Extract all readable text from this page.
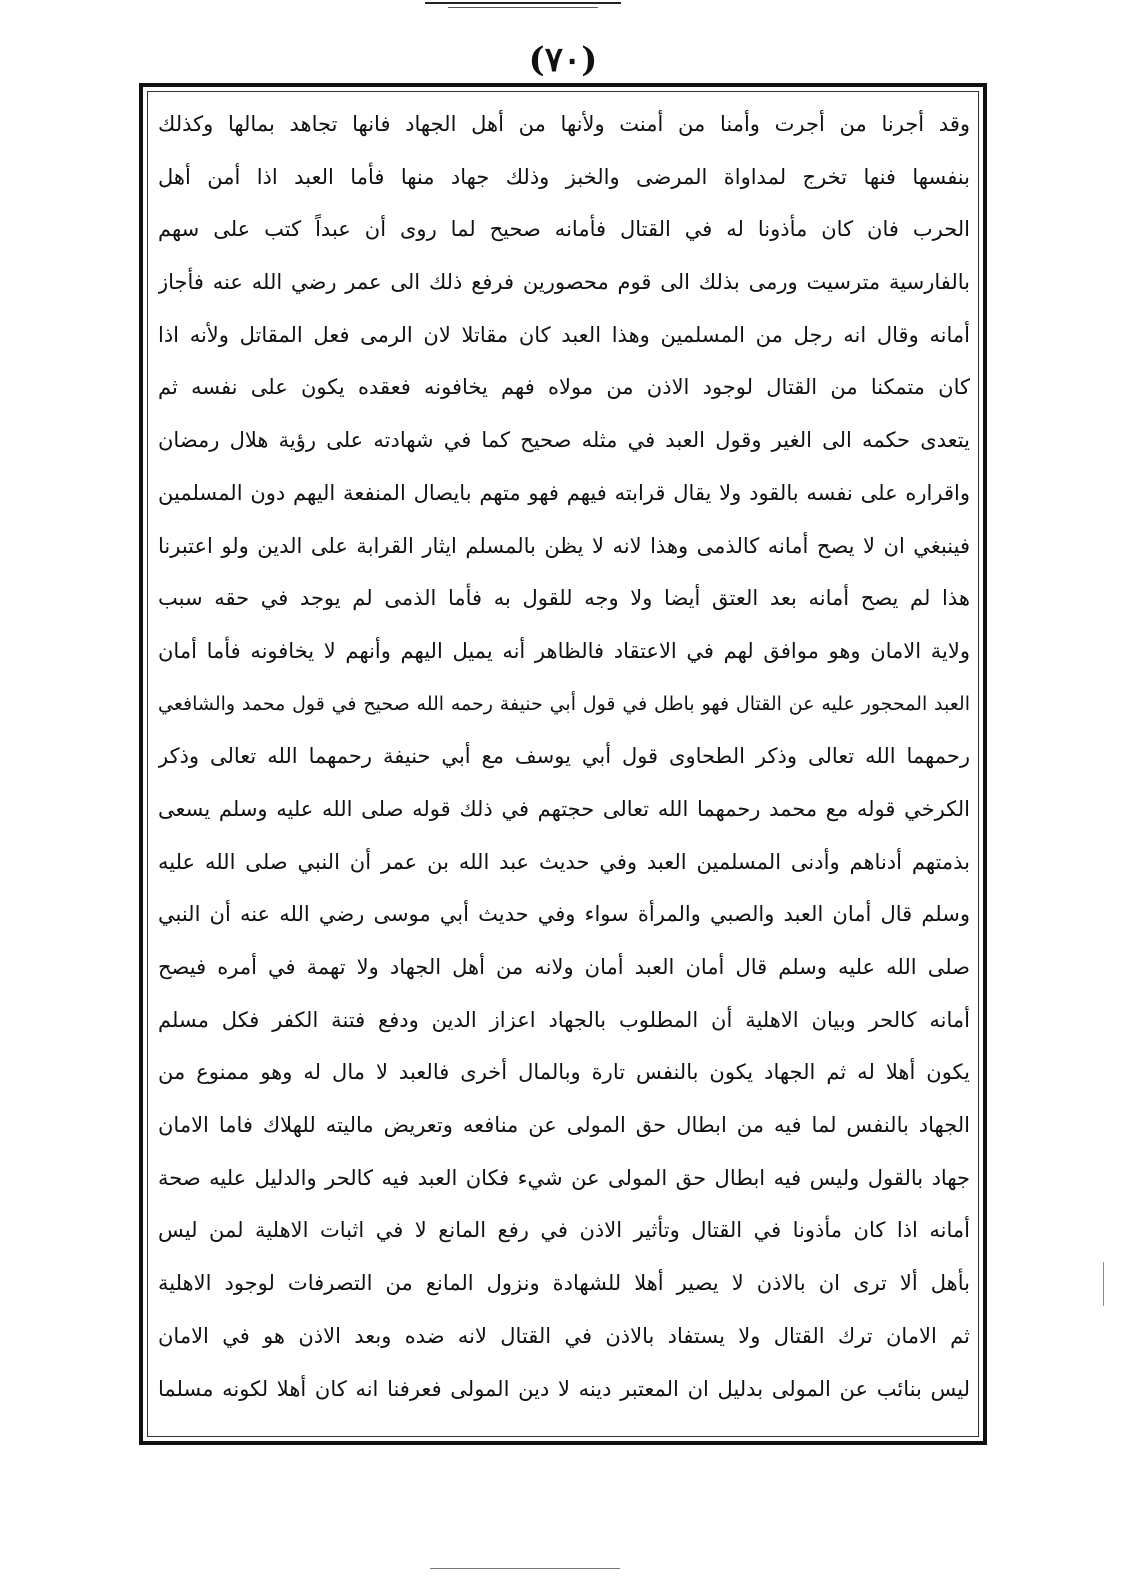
(٧٠)
وقد أجرنا من أجرت وأمنا من أمنت ولأنها من أهل الجهاد فانها تجاهد بمالها وكذلك
بنفسها فنها تخرج لمداواة المرضى والخبز وذلك جهاد منها فأما العبد اذا أمن أهل
الحرب فان كان مأذونا له في القتال فأمانه صحيح لما روى أن عبداً كتب على سهم
بالفارسية مترسيت ورمى بذلك الى قوم محصورين فرفع ذلك الى عمر رضي الله عنه فأجاز
أمانه وقال انه رجل من المسلمين وهذا العبد كان مقاتلا لان الرمى فعل المقاتل ولأنه اذا
كان متمكنا من القتال لوجود الاذن من مولاه فهم يخافونه فعقده يكون على نفسه ثم
يتعدى حكمه الى الغير وقول العبد في مثله صحيح كما في شهادته على رؤية هلال رمضان
واقراره على نفسه بالقود ولا يقال قرابته فيهم فهو متهم بايصال المنفعة اليهم دون المسلمين
فينبغي ان لا يصح أمانه كالذمى وهذا لانه لا يظن بالمسلم ايثار القرابة على الدين ولو اعتبرنا
هذا لم يصح أمانه بعد العتق أيضا ولا وجه للقول به فأما الذمى لم يوجد في حقه سبب
ولاية الامان وهو موافق لهم في الاعتقاد فالظاهر أنه يميل اليهم وأنهم لا يخافونه فأما أمان
العبد المحجور عليه عن القتال فهو باطل في قول أبي حنيفة رحمه الله صحيح في قول محمد والشافعي
رحمهما الله تعالى وذكر الطحاوى قول أبي يوسف مع أبي حنيفة رحمهما الله تعالى وذكر
الكرخي قوله مع محمد رحمهما الله تعالى حجتهم في ذلك قوله صلى الله عليه وسلم يسعى
بذمتهم أدناهم وأدنى المسلمين العبد وفي حديث عبد الله بن عمر أن النبي صلى الله عليه
وسلم قال أمان العبد والصبي والمرأة سواء وفي حديث أبي موسى رضي الله عنه أن النبي
صلى الله عليه وسلم قال أمان العبد أمان ولانه من أهل الجهاد ولا تهمة في أمره فيصح
أمانه كالحر وبيان الاهلية أن المطلوب بالجهاد اعزاز الدين ودفع فتنة الكفر فكل مسلم
يكون أهلا له ثم الجهاد يكون بالنفس تارة وبالمال أخرى فالعبد لا مال له وهو ممنوع من
الجهاد بالنفس لما فيه من ابطال حق المولى عن منافعه وتعريض ماليته للهلاك فاما الامان
جهاد بالقول وليس فيه ابطال حق المولى عن شيء فكان العبد فيه كالحر والدليل عليه صحة
أمانه اذا كان مأذونا في القتال وتأثير الاذن في رفع المانع لا في اثبات الاهلية لمن ليس
بأهل ألا ترى ان بالاذن لا يصير أهلا للشهادة ونزول المانع من التصرفات لوجود الاهلية
ثم الامان ترك القتال ولا يستفاد بالاذن في القتال لانه ضده وبعد الاذن هو في الامان
ليس بنائب عن المولى بدليل ان المعتبر دينه لا دين المولى فعرفنا انه كان أهلا لكونه مسلما
